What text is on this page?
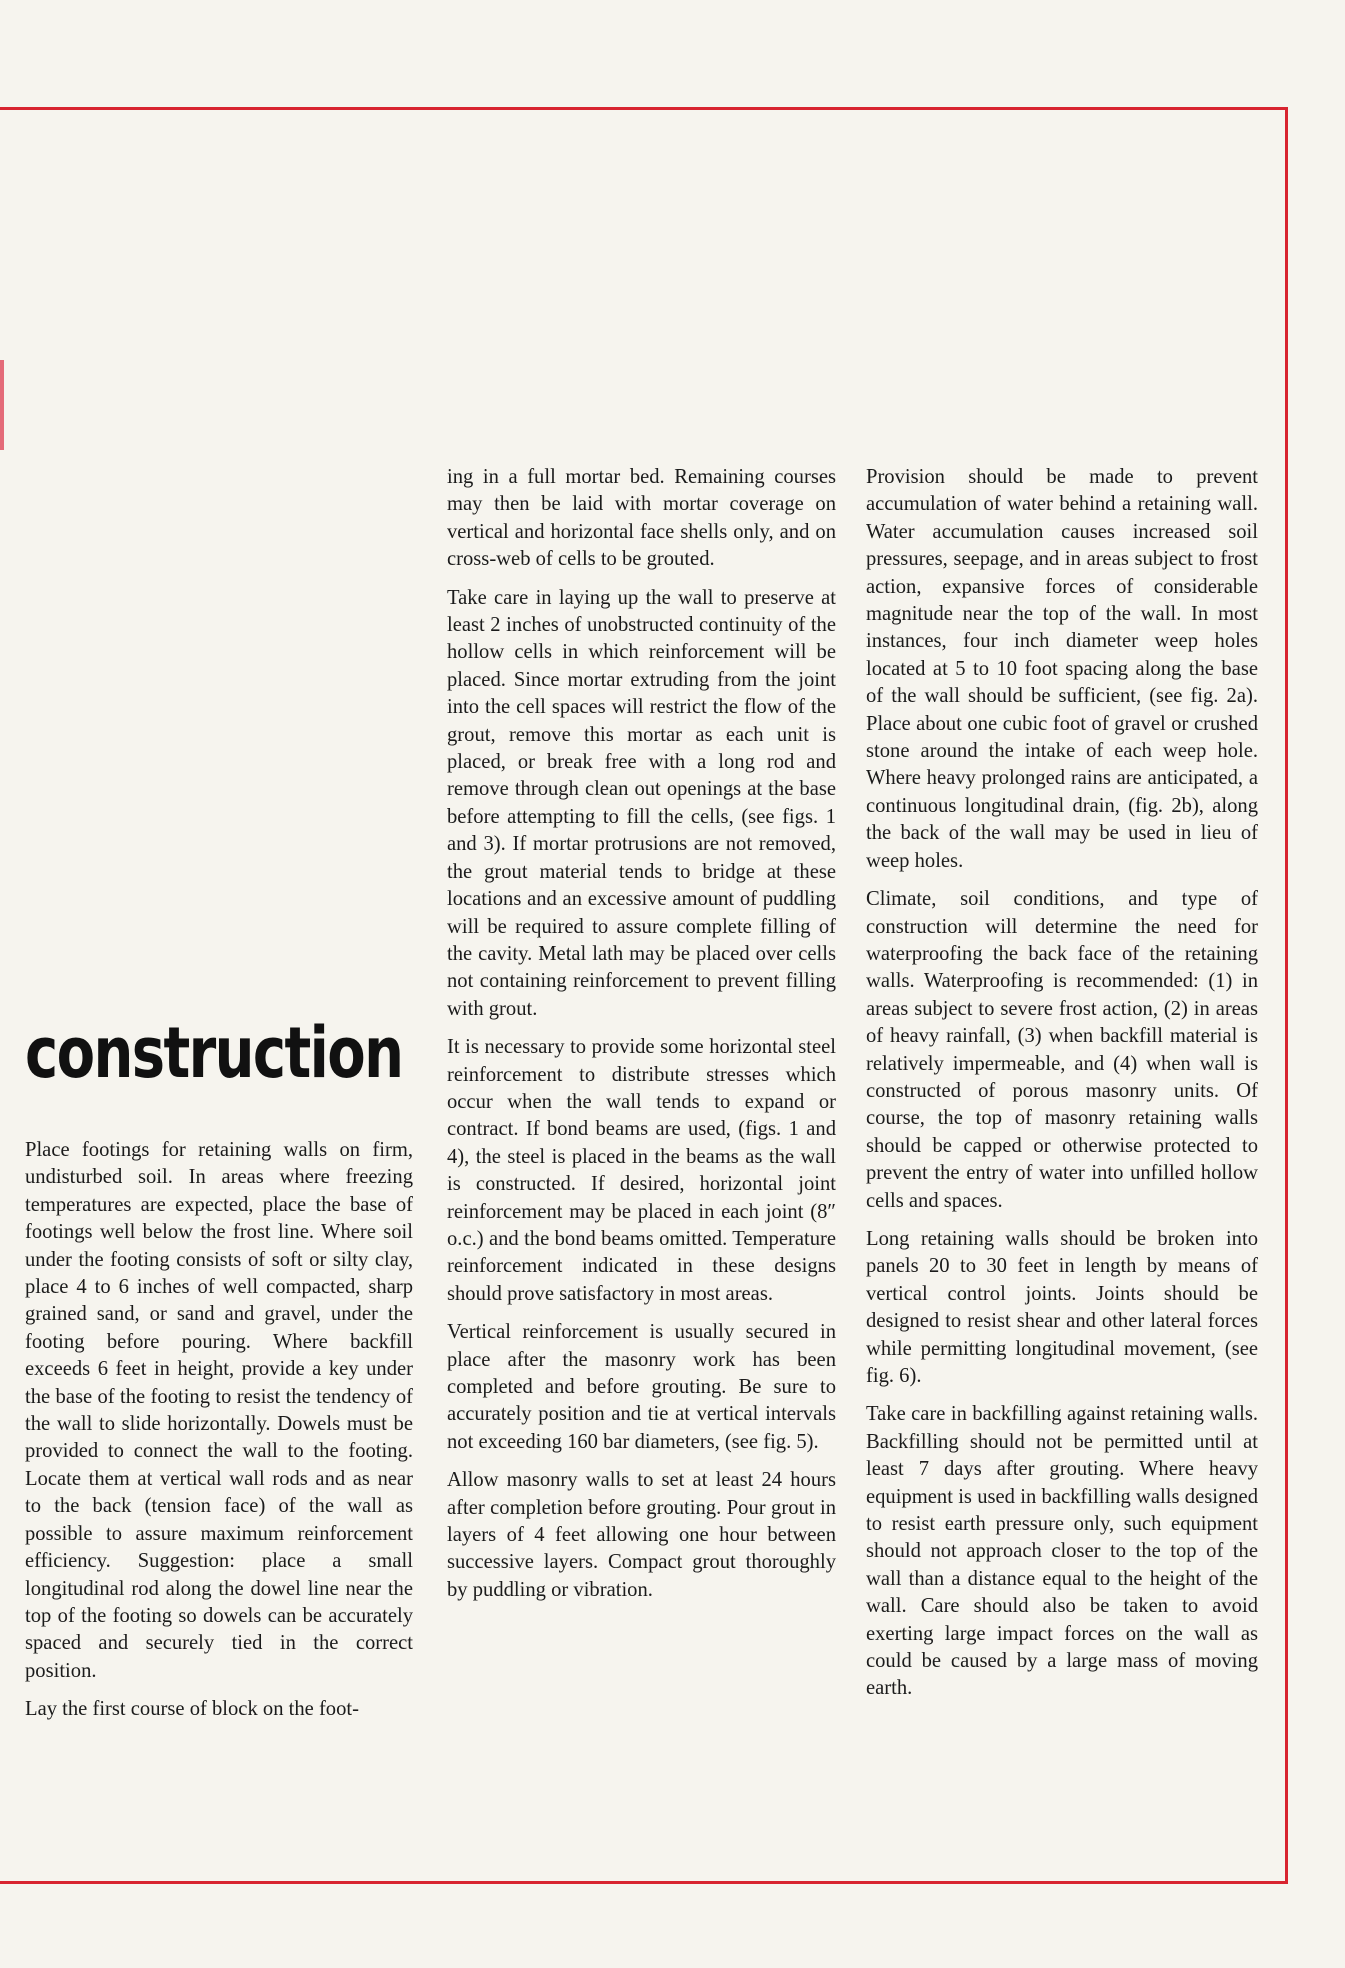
construction

Place footings for retaining walls on firm, undisturbed soil. In areas where freezing temperatures are expected, place the base of footings well below the frost line. Where soil under the footing consists of soft or silty clay, place 4 to 6 inches of well compacted, sharp grained sand, or sand and gravel, under the footing before pouring. Where backfill exceeds 6 feet in height, provide a key under the base of the footing to resist the tendency of the wall to slide horizontally. Dowels must be provided to connect the wall to the footing. Locate them at vertical wall rods and as near to the back (tension face) of the wall as possible to assure maximum reinforcement efficiency. Suggestion: place a small longitudinal rod along the dowel line near the top of the footing so dowels can be accurately spaced and securely tied in the correct position.

Lay the first course of block on the foot-

ing in a full mortar bed. Remaining courses may then be laid with mortar coverage on vertical and horizontal face shells only, and on cross-web of cells to be grouted.

Take care in laying up the wall to preserve at least 2 inches of unobstructed continuity of the hollow cells in which reinforcement will be placed. Since mortar extruding from the joint into the cell spaces will restrict the flow of the grout, remove this mortar as each unit is placed, or break free with a long rod and remove through clean out openings at the base before attempting to fill the cells, (see figs. 1 and 3). If mortar protrusions are not removed, the grout material tends to bridge at these locations and an excessive amount of puddling will be required to assure complete filling of the cavity. Metal lath may be placed over cells not containing reinforcement to prevent filling with grout.

It is necessary to provide some horizontal steel reinforcement to distribute stresses which occur when the wall tends to expand or contract. If bond beams are used, (figs. 1 and 4), the steel is placed in the beams as the wall is constructed. If desired, horizontal joint reinforcement may be placed in each joint (8″ o.c.) and the bond beams omitted. Temperature reinforcement indicated in these designs should prove satisfactory in most areas.

Vertical reinforcement is usually secured in place after the masonry work has been completed and before grouting. Be sure to accurately position and tie at vertical intervals not exceeding 160 bar diameters, (see fig. 5).

Allow masonry walls to set at least 24 hours after completion before grouting. Pour grout in layers of 4 feet allowing one hour between successive layers. Compact grout thoroughly by puddling or vibration.

Provision should be made to prevent accumulation of water behind a retaining wall. Water accumulation causes increased soil pressures, seepage, and in areas subject to frost action, expansive forces of considerable magnitude near the top of the wall. In most instances, four inch diameter weep holes located at 5 to 10 foot spacing along the base of the wall should be sufficient, (see fig. 2a). Place about one cubic foot of gravel or crushed stone around the intake of each weep hole. Where heavy prolonged rains are anticipated, a continuous longitudinal drain, (fig. 2b), along the back of the wall may be used in lieu of weep holes.

Climate, soil conditions, and type of construction will determine the need for waterproofing the back face of the retaining walls. Waterproofing is recommended: (1) in areas subject to severe frost action, (2) in areas of heavy rainfall, (3) when backfill material is relatively impermeable, and (4) when wall is constructed of porous masonry units. Of course, the top of masonry retaining walls should be capped or otherwise protected to prevent the entry of water into unfilled hollow cells and spaces.

Long retaining walls should be broken into panels 20 to 30 feet in length by means of vertical control joints. Joints should be designed to resist shear and other lateral forces while permitting longitudinal movement, (see fig. 6).

Take care in backfilling against retaining walls. Backfilling should not be permitted until at least 7 days after grouting. Where heavy equipment is used in backfilling walls designed to resist earth pressure only, such equipment should not approach closer to the top of the wall than a distance equal to the height of the wall. Care should also be taken to avoid exerting large impact forces on the wall as could be caused by a large mass of moving earth.
